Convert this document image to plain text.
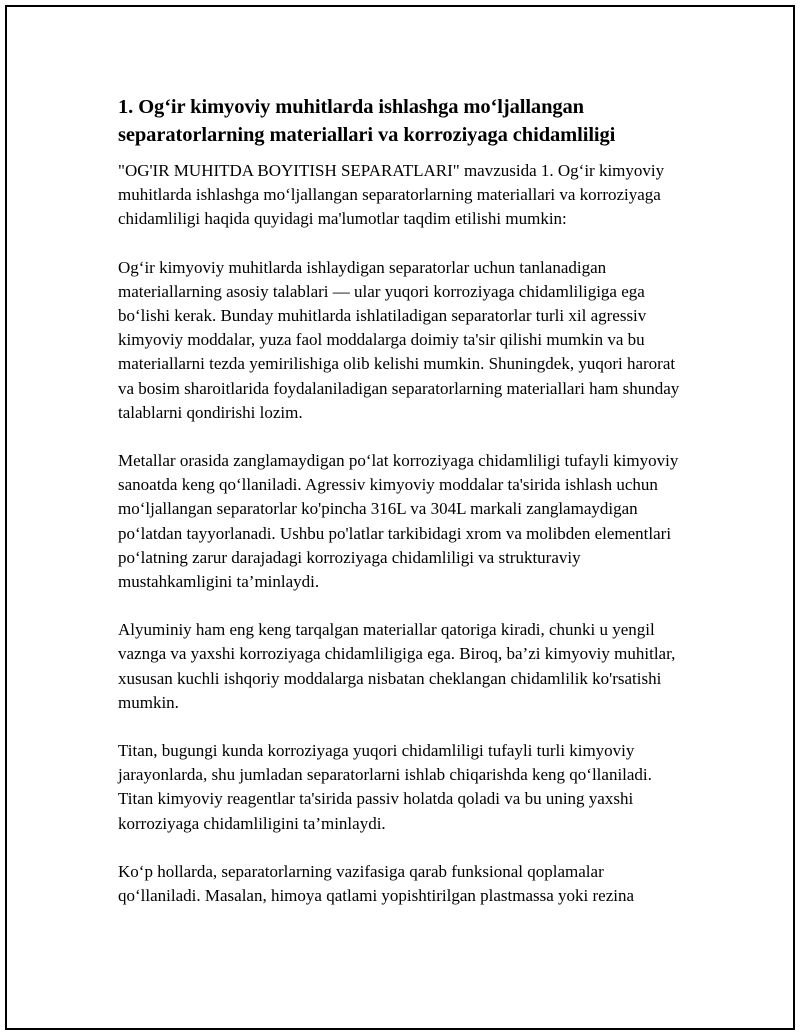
1. Og‘ir kimyoviy muhitlarda ishlashga mo‘ljallangan separatorlarning materiallari va korroziyaga chidamliligi

"OG'IR MUHITDA BOYITISH SEPARATLARI" mavzusida 1. Og‘ir kimyoviy muhitlarda ishlashga mo‘ljallangan separatorlarning materiallari va korroziyaga chidamliligi haqida quyidagi ma'lumotlar taqdim etilishi mumkin:

Og‘ir kimyoviy muhitlarda ishlaydigan separatorlar uchun tanlanadigan materiallarning asosiy talablari — ular yuqori korroziyaga chidamliligiga ega bo‘lishi kerak. Bunday muhitlarda ishlatiladigan separatorlar turli xil agressiv kimyoviy moddalar, yuza faol moddalarga doimiy ta'sir qilishi mumkin va bu materiallarni tezda yemirilishiga olib kelishi mumkin. Shuningdek, yuqori harorat va bosim sharoitlarida foydalaniladigan separatorlarning materiallari ham shunday talablarni qondirishi lozim.

Metallar orasida zanglamaydigan po‘lat korroziyaga chidamliligi tufayli kimyoviy sanoatda keng qo‘llaniladi. Agressiv kimyoviy moddalar ta'sirida ishlash uchun mo‘ljallangan separatorlar ko'pincha 316L va 304L markali zanglamaydigan po‘latdan tayyorlanadi. Ushbu po'latlar tarkibidagi xrom va molibden elementlari po‘latning zarur darajadagi korroziyaga chidamliligi va strukturaviy mustahkamligini ta’minlaydi.

Alyuminiy ham eng keng tarqalgan materiallar qatoriga kiradi, chunki u yengil vaznga va yaxshi korroziyaga chidamliligiga ega. Biroq, ba’zi kimyoviy muhitlar, xususan kuchli ishqoriy moddalarga nisbatan cheklangan chidamlilik ko'rsatishi mumkin.

Titan, bugungi kunda korroziyaga yuqori chidamliligi tufayli turli kimyoviy jarayonlarda, shu jumladan separatorlarni ishlab chiqarishda keng qo‘llaniladi. Titan kimyoviy reagentlar ta'sirida passiv holatda qoladi va bu uning yaxshi korroziyaga chidamliligini ta’minlaydi.

Ko‘p hollarda, separatorlarning vazifasiga qarab funksional qoplamalar qo‘llaniladi. Masalan, himoya qatlami yopishtirilgan plastmassa yoki rezina
